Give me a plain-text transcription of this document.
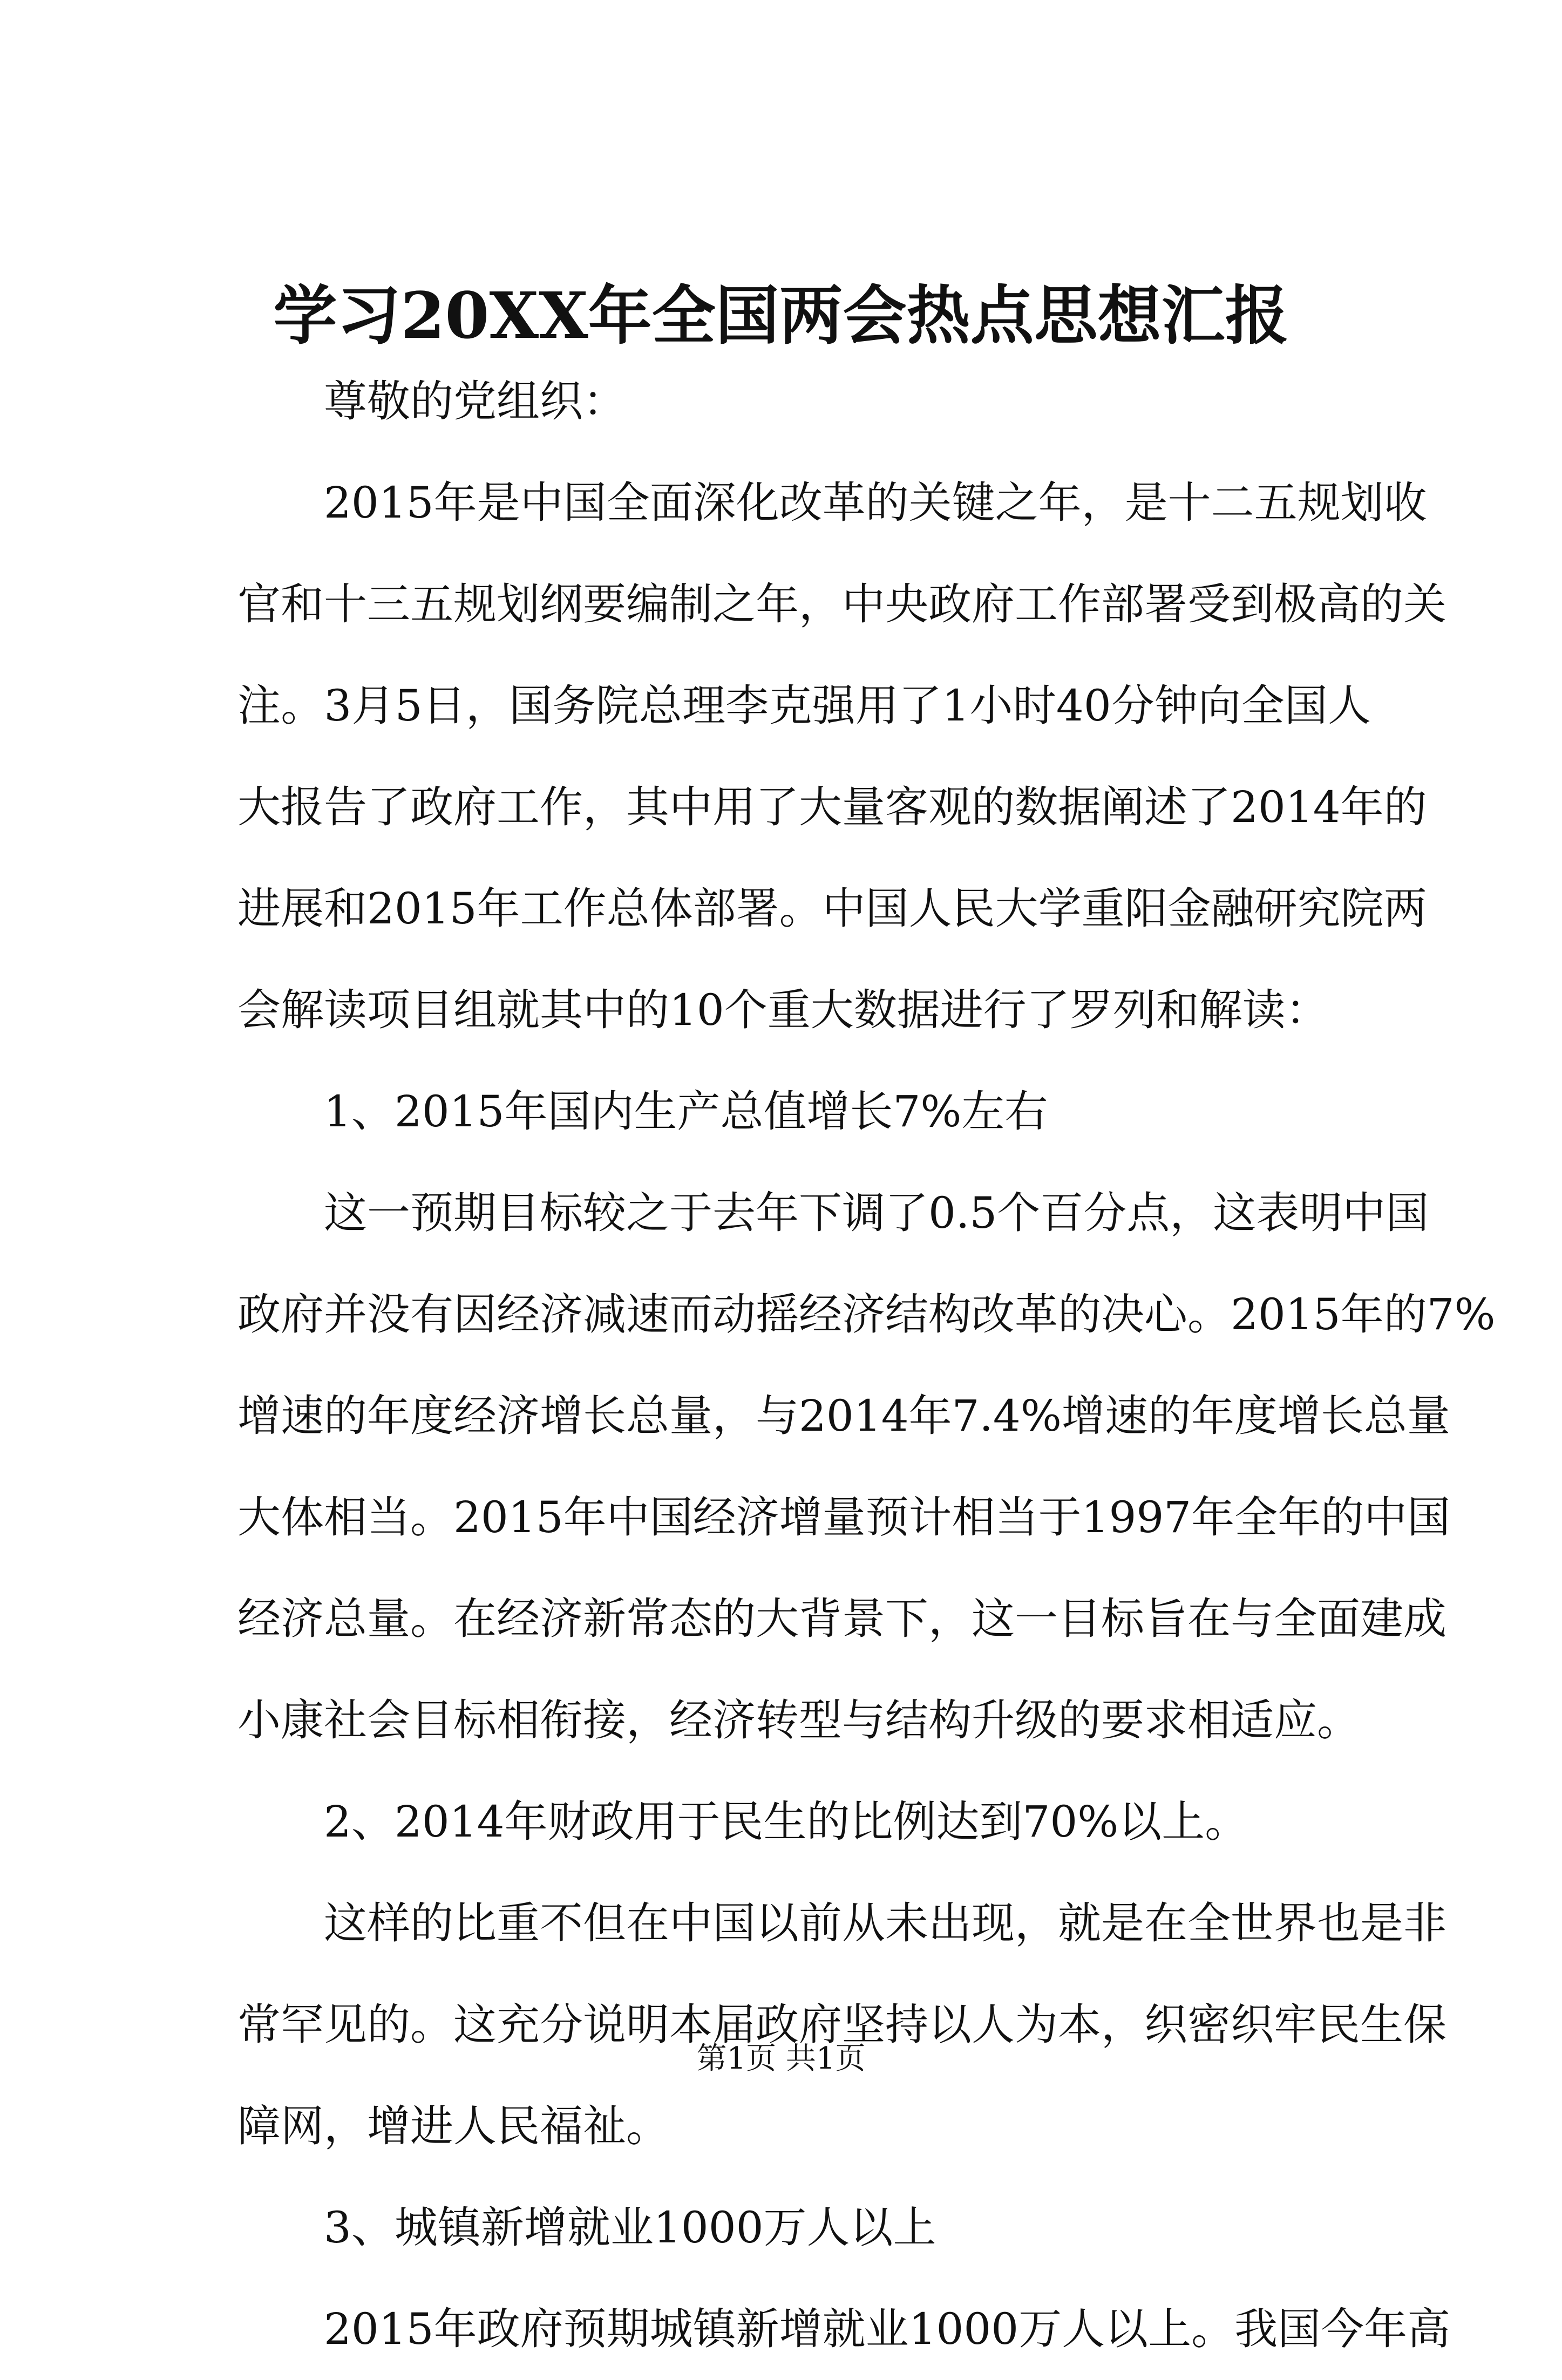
学习20XX年全国两会热点思想汇报
尊敬的党组织：
2015年是中国全面深化改革的关键之年，是十二五规划收
官和十三五规划纲要编制之年，中央政府工作部署受到极高的关
注。3月5日，国务院总理李克强用了1小时40分钟向全国人
大报告了政府工作，其中用了大量客观的数据阐述了2014年的
进展和2015年工作总体部署。中国人民大学重阳金融研究院两
会解读项目组就其中的10个重大数据进行了罗列和解读：
1、2015年国内生产总值增长7%左右
这一预期目标较之于去年下调了0.5个百分点，这表明中国
政府并没有因经济减速而动摇经济结构改革的决心。2015年的7%
增速的年度经济增长总量，与2014年7.4%增速的年度增长总量
大体相当。2015年中国经济增量预计相当于1997年全年的中国
经济总量。在经济新常态的大背景下，这一目标旨在与全面建成
小康社会目标相衔接，经济转型与结构升级的要求相适应。
2、2014年财政用于民生的比例达到70%以上。
这样的比重不但在中国以前从未出现，就是在全世界也是非
常罕见的。这充分说明本届政府坚持以人为本，织密织牢民生保
障网，增进人民福祉。
3、城镇新增就业1000万人以上
2015年政府预期城镇新增就业1000万人以上。我国今年高
第1页 共1页
